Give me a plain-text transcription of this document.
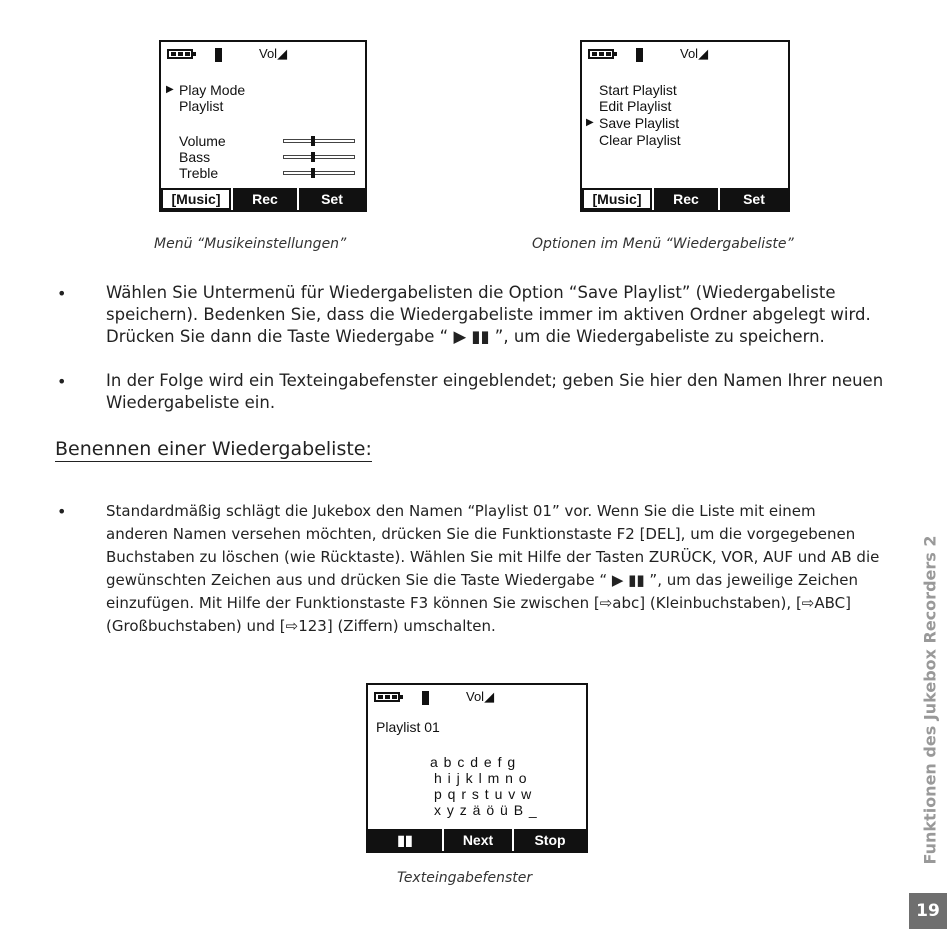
Vol◢
▶ Play Mode
Playlist
Volume
Bass
Treble
[Music]	Rec	Set
Menü “Musikeinstellungen”
Vol◢
Start Playlist
Edit Playlist
▶ Save Playlist
Clear Playlist
[Music]	Rec	Set
Optionen im Menü “Wiedergabeliste”
• Wählen Sie Untermenü für Wiedergabelisten die Option “Save Playlist” (Wiedergabeliste speichern). Bedenken Sie, dass die Wiedergabeliste immer im aktiven Ordner abgelegt wird. Drücken Sie dann die Taste Wiedergabe “ ▶ ▮▮ ”, um die Wiedergabeliste zu speichern.
• In der Folge wird ein Texteingabefenster eingeblendet; geben Sie hier den Namen Ihrer neuen Wiedergabeliste ein.
Benennen einer Wiedergabeliste:
•	Standardmäßig schlägt die Jukebox den Namen “Playlist 01” vor. Wenn Sie die Liste mit einem anderen Namen versehen möchten, drücken Sie die Funktionstaste F2 [DEL], um die vorgegebenen Buchstaben zu löschen (wie Rücktaste). Wählen Sie mit Hilfe der Tasten ZURÜCK, VOR, AUF und AB die gewünschten Zeichen aus und drücken Sie die Taste Wiedergabe “ ▶ ▮▮ ”, um das jeweilige Zeichen einzufügen. Mit Hilfe der Funktionstaste F3 können Sie zwischen [⇨abc] (Kleinbuchstaben), [⇨ABC] (Großbuchstaben) und [⇨123] (Ziffern) umschalten.
Vol◢
Playlist 01
a b c d e f g
h i j k l m n o
p q r s t u v w
x y z ä ö ü B _
▮▮	Next	Stop
Texteingabefenster
Funktionen des Jukebox Recorders 2
19
